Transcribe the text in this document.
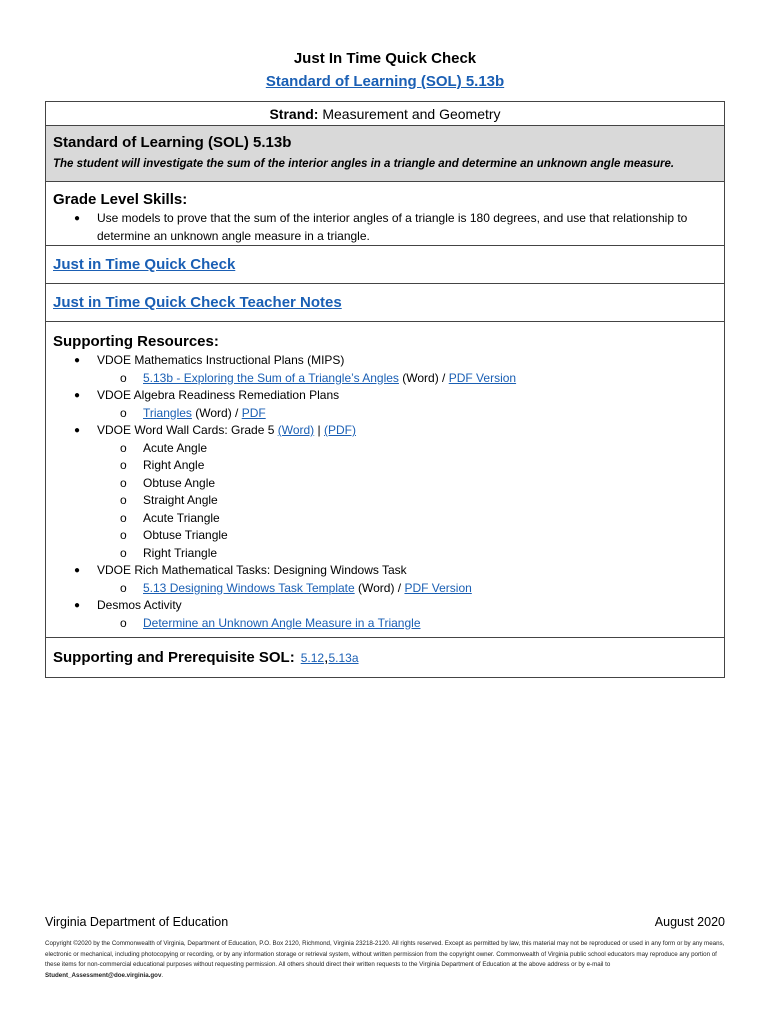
Just In Time Quick Check
Standard of Learning (SOL) 5.13b
Strand: Measurement and Geometry
Standard of Learning (SOL) 5.13b
The student will investigate the sum of the interior angles in a triangle and determine an unknown angle measure.
Grade Level Skills:
● Use models to prove that the sum of the interior angles of a triangle is 180 degrees, and use that relationship to determine an unknown angle measure in a triangle.
Just in Time Quick Check
Just in Time Quick Check Teacher Notes
Supporting Resources:
● VDOE Mathematics Instructional Plans (MIPS)
o 5.13b - Exploring the Sum of a Triangle’s Angles (Word) / PDF Version
● VDOE Algebra Readiness Remediation Plans
o Triangles (Word) / PDF
● VDOE Word Wall Cards: Grade 5 (Word) | (PDF)
o Acute Angle
o Right Angle
o Obtuse Angle
o Straight Angle
o Acute Triangle
o Obtuse Triangle
o Right Triangle
● VDOE Rich Mathematical Tasks: Designing Windows Task
o 5.13 Designing Windows Task Template (Word) / PDF Version
● Desmos Activity
o Determine an Unknown Angle Measure in a Triangle
Supporting and Prerequisite SOL: 5.12 , 5.13a
Virginia Department of Education	August 2020
Copyright ©2020 by the Commonwealth of Virginia, Department of Education, P.O. Box 2120, Richmond, Virginia 23218-2120. All rights reserved. Except as permitted by law, this material may not be reproduced or used in any form or by any means, electronic or mechanical, including photocopying or recording, or by any information storage or retrieval system, without written permission from the copyright owner. Commonwealth of Virginia public school educators may reproduce any portion of these items for non-commercial educational purposes without requesting permission. All others should direct their written requests to the Virginia Department of Education at the above address or by e-mail to Student_Assessment@doe.virginia.gov.
